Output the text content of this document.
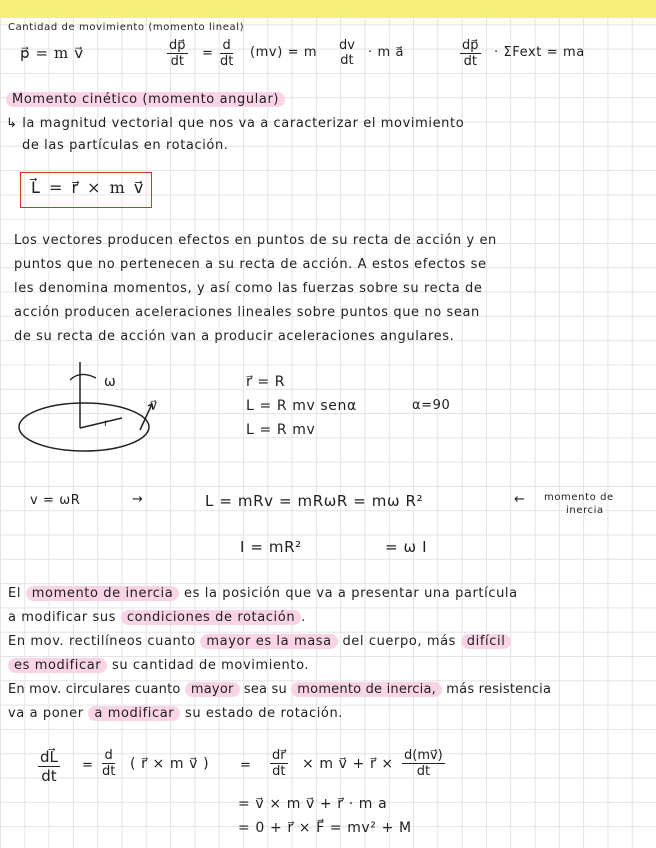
Cantidad de movimiento (momento lineal)
p⃗ = m v⃗	$\frac{dp⃗}{dt} = \frac{d}{dt} (mv) = m$ dv
dt
· m a⃗	$\frac{dp⃗}{dt}$ · ΣFext = ma
Momento cinético (momento angular)
↳ la magnitud vectorial que nos va a caracterizar el movimiento
de las partículas en rotación.
L⃗ = r⃗ × m v⃗
Los vectores producen efectos en puntos de su recta de acción y en
puntos que no pertenecen a su recta de acción. A estos efectos se
les denomina momentos, y así como las fuerzas sobre su recta de
acción producen aceleraciones lineales sobre puntos que no sean
de su recta de acción van a producir aceleraciones angulares.
ω
v⃗
r
r⃗ = R
L = R mv senα	α=90
L = R mv
v = ωR	→	L = mRv = mRωR = mω R²	← momento de
inercia
I = mR²	= ω I
El momento de inercia es la posición que va a presentar una partícula
a modificar sus condiciones de rotación .
En mov. rectilíneos cuanto mayor es la masa del cuerpo, más difícil
es modificar su cantidad de movimiento.
En mov. circulares cuanto mayor sea su momento de inercia, más resistencia
va a poner a modificar su estado de rotación.
$\frac{dL⃗}{dt} = \frac{d}{dt}$ ( r⃗ × m v⃗ ) = $\frac{dr⃗}{dt} \times m$ v⃗ + r⃗ × $\frac{d(mv⃗)}{dt}$
= v⃗ × m v⃗ + r⃗ · m a
= 0 + r⃗ × F⃗ = mv² + M
